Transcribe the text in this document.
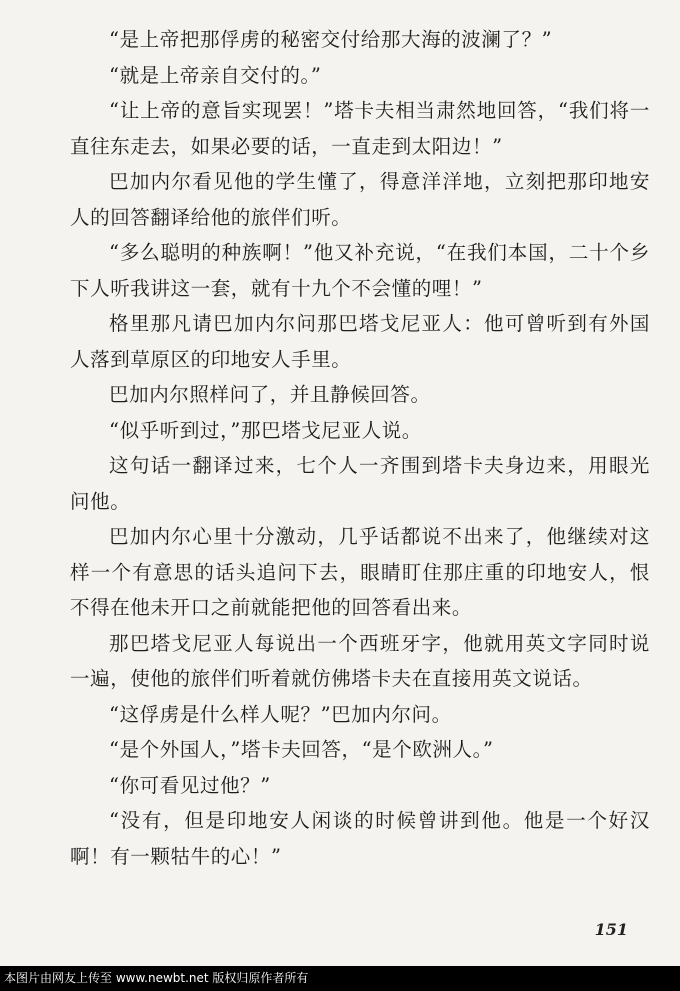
“是上帝把那俘虏的秘密交付给那大海的波澜了？”

“就是上帝亲自交付的。”

“让上帝的意旨实现罢！”塔卡夫相当肃然地回答，“我们将一直往东走去，如果必要的话，一直走到太阳边！”

巴加内尔看见他的学生懂了，得意洋洋地，立刻把那印地安人的回答翻译给他的旅伴们听。

“多么聪明的种族啊！”他又补充说，“在我们本国，二十个乡下人听我讲这一套，就有十九个不会懂的哩！”

格里那凡请巴加内尔问那巴塔戈尼亚人：他可曾听到有外国人落到草原区的印地安人手里。

巴加内尔照样问了，并且静候回答。

“似乎听到过，”那巴塔戈尼亚人说。

这句话一翻译过来，七个人一齐围到塔卡夫身边来，用眼光问他。

巴加内尔心里十分激动，几乎话都说不出来了，他继续对这样一个有意思的话头追问下去，眼睛盯住那庄重的印地安人，恨不得在他未开口之前就能把他的回答看出来。

那巴塔戈尼亚人每说出一个西班牙字，他就用英文字同时说一遍，使他的旅伴们听着就仿佛塔卡夫在直接用英文说话。

“这俘虏是什么样人呢？”巴加内尔问。

“是个外国人，”塔卡夫回答，“是个欧洲人。”

“你可看见过他？”

“没有，但是印地安人闲谈的时候曾讲到他。他是一个好汉啊！有一颗牯牛的心！”

151
本图片由网友上传至 www.newbt.net 版权归原作者所有
